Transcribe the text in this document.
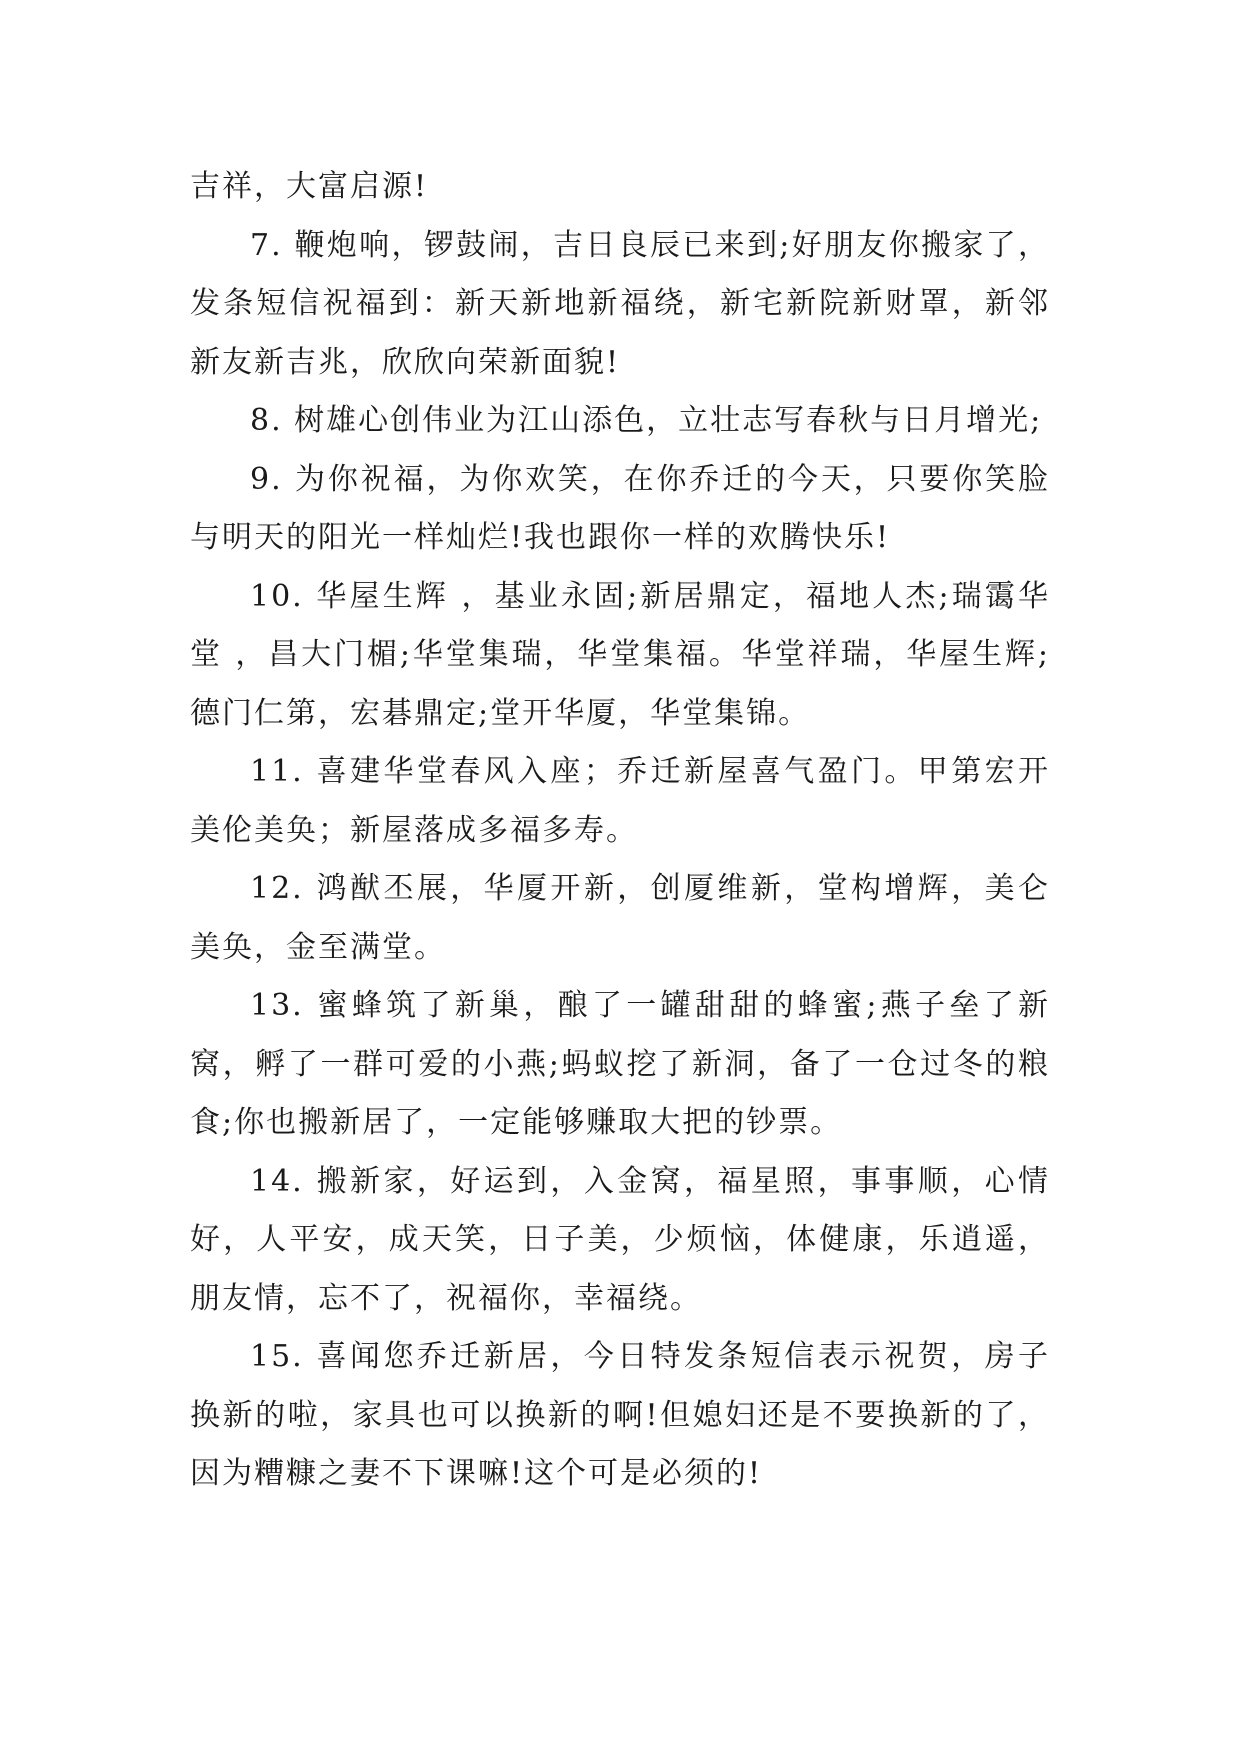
吉祥，大富启源!

7. 鞭炮响，锣鼓闹，吉日良辰已来到;好朋友你搬家了，发条短信祝福到：新天新地新福绕，新宅新院新财罩，新邻新友新吉兆，欣欣向荣新面貌!

8. 树雄心创伟业为江山添色，立壮志写春秋与日月增光;

9. 为你祝福，为你欢笑，在你乔迁的今天，只要你笑脸与明天的阳光一样灿烂!我也跟你一样的欢腾快乐!

10. 华屋生辉 ，基业永固;新居鼎定，福地人杰;瑞霭华堂 ，昌大门楣;华堂集瑞，华堂集福。华堂祥瑞，华屋生辉;德门仁第，宏碁鼎定;堂开华厦，华堂集锦。

11. 喜建华堂春风入座；乔迁新屋喜气盈门。甲第宏开美伦美奂；新屋落成多福多寿。

12. 鸿猷丕展，华厦开新，创厦维新，堂构增辉，美仑美奂，金至满堂。

13. 蜜蜂筑了新巢，酿了一罐甜甜的蜂蜜;燕子垒了新窝，孵了一群可爱的小燕;蚂蚁挖了新洞，备了一仓过冬的粮食;你也搬新居了，一定能够赚取大把的钞票。

14. 搬新家，好运到，入金窝，福星照，事事顺，心情好，人平安，成天笑，日子美，少烦恼，体健康，乐逍遥，朋友情，忘不了，祝福你，幸福绕。

15. 喜闻您乔迁新居，今日特发条短信表示祝贺，房子换新的啦，家具也可以换新的啊!但媳妇还是不要换新的了，因为糟糠之妻不下课嘛!这个可是必须的!
